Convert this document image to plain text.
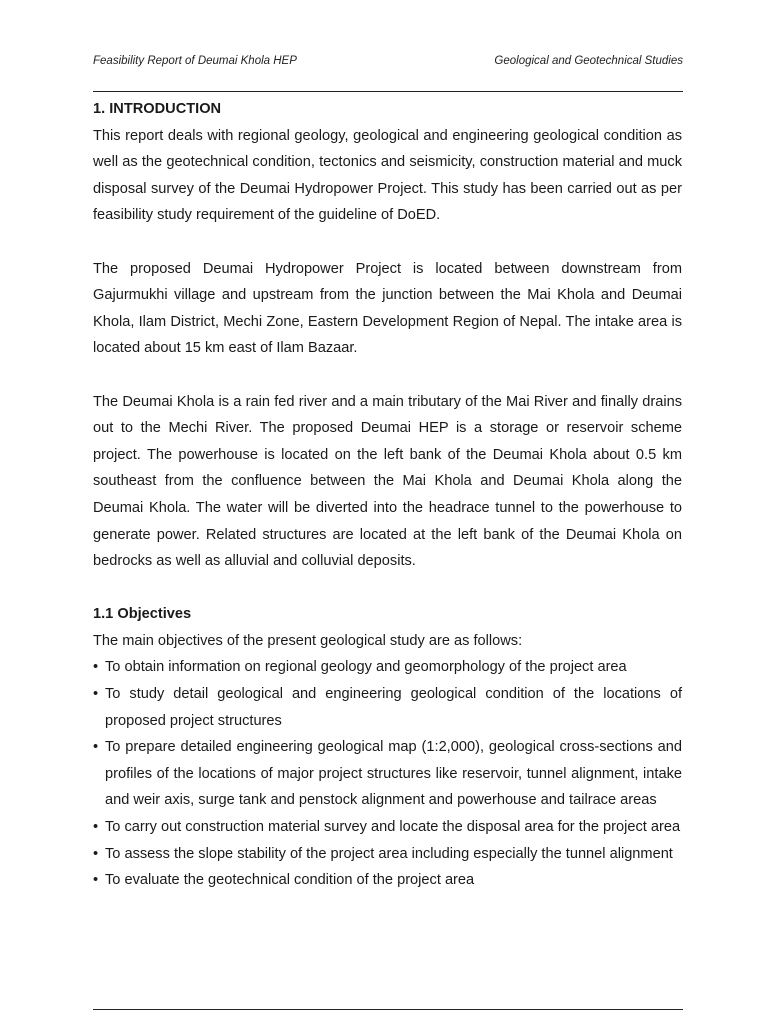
Feasibility Report of Deumai Khola HEP	Geological and Geotechnical Studies
1. INTRODUCTION

This report deals with regional geology, geological and engineering geological condition as well as the geotechnical condition, tectonics and seismicity, construction material and muck disposal survey of the Deumai Hydropower Project. This study has been carried out as per feasibility study requirement of the guideline of DoED.

The proposed Deumai Hydropower Project is located between downstream from Gajurmukhi village and upstream from the junction between the Mai Khola and Deumai Khola, Ilam District, Mechi Zone, Eastern Development Region of Nepal. The intake area is located about 15 km east of Ilam Bazaar.

The Deumai Khola is a rain fed river and a main tributary of the Mai River and finally drains out to the Mechi River. The proposed Deumai HEP is a storage or reservoir scheme project. The powerhouse is located on the left bank of the Deumai Khola about 0.5 km southeast from the confluence between the Mai Khola and Deumai Khola along the Deumai Khola. The water will be diverted into the headrace tunnel to the powerhouse to generate power. Related structures are located at the left bank of the Deumai Khola on bedrocks as well as alluvial and colluvial deposits.

1.1 Objectives

The main objectives of the present geological study are as follows:

• To obtain information on regional geology and geomorphology of the project area
• To study detail geological and engineering geological condition of the locations of proposed project structures
• To prepare detailed engineering geological map (1:2,000), geological cross-sections and profiles of the locations of major project structures like reservoir, tunnel alignment, intake and weir axis, surge tank and penstock alignment and powerhouse and tailrace areas
• To carry out construction material survey and locate the disposal area for the project area
• To assess the slope stability of the project area including especially the tunnel alignment
• To evaluate the geotechnical condition of the project area
